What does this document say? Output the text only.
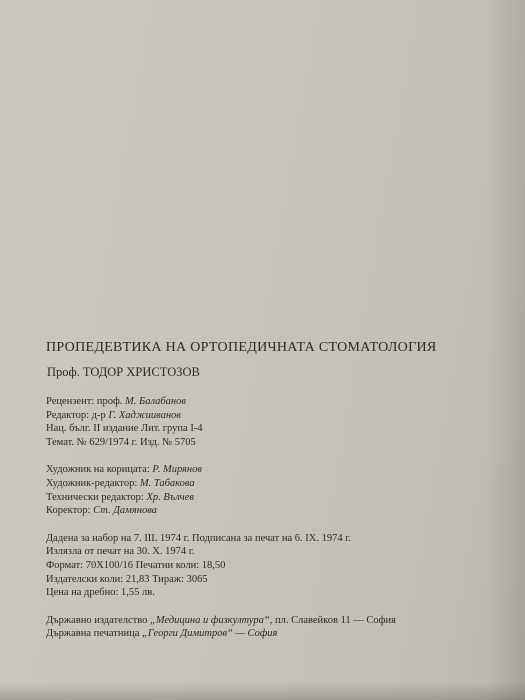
ПРОПЕДЕВТИКА НА ОРТОПЕДИЧНАТА СТОМАТОЛОГИЯ
Проф. ТОДОР ХРИСТОЗОВ
Рецензент: проф. М. Балабанов
Редактор: д-р Г. Хаджииванов
Нац. бълг. II издание Лит. група I-4
Темат. № 629/1974 г. Изд. № 5705
Художник на корицата: Р. Мирянов
Художник-редактор: М. Табакова
Технически редактор: Хр. Вълчев
Коректор: Ст. Дамянова
Дадена за набор на 7. III. 1974 г. Подписана за печат на 6. IX. 1974 г.
Излязла от печат на 30. X. 1974 г.
Формат: 70Х100/16 Печатни коли: 18,50
Издателски коли: 21,83 Тираж: 3065
Цена на дребно: 1,55 лв.
Държавно издателство „Медицина и физкултура“, пл. Славейков 11 — София
Държавна печатница „Георги Димитров“ — София
